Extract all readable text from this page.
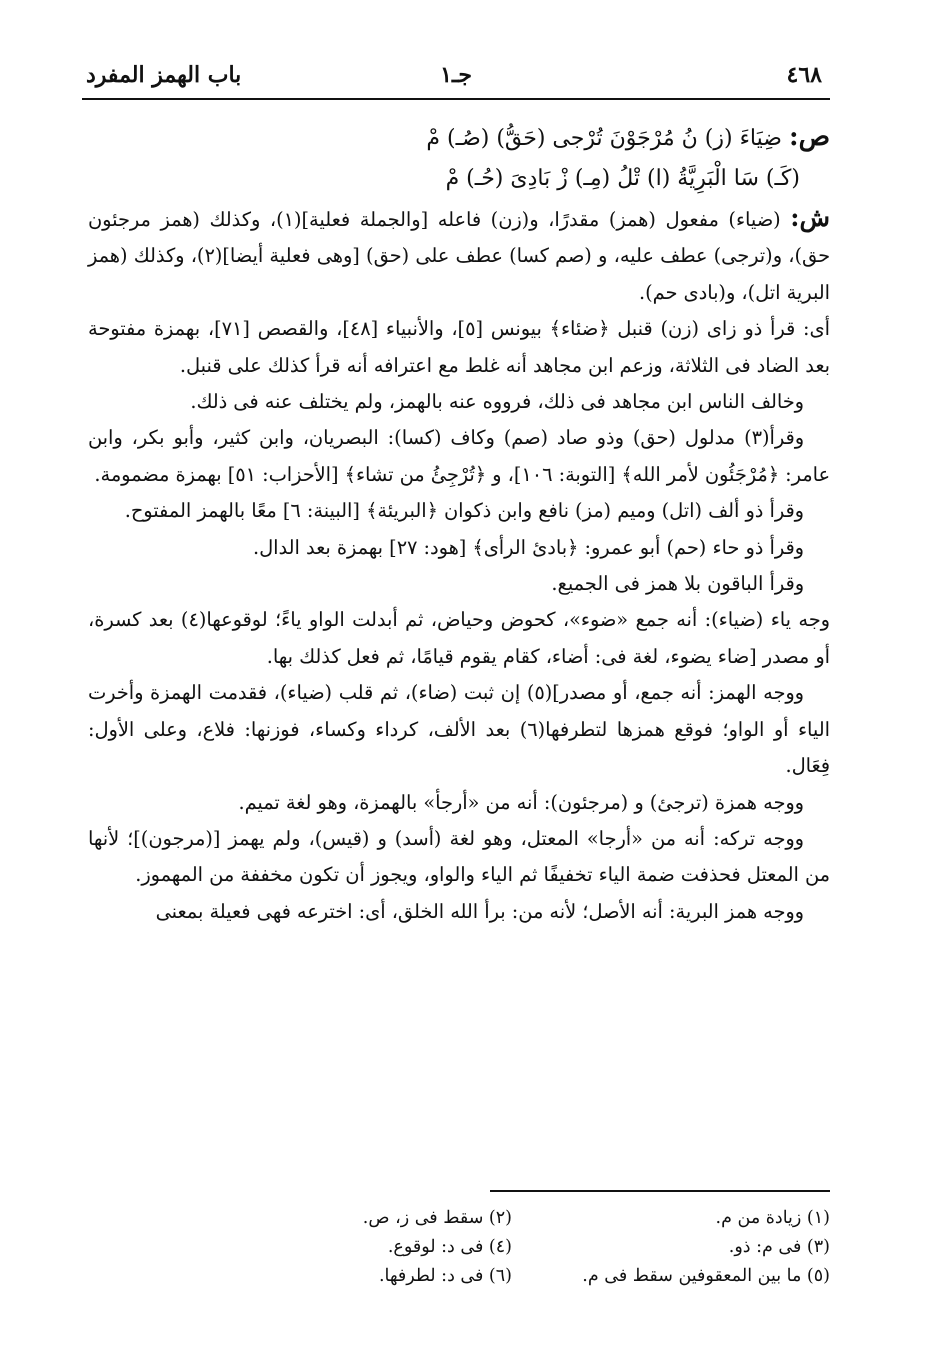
٤٦٨
جـ١
باب الهمز المفرد

ص: ضِيَاءَ (ز) نُ مُرْجَوْنَ تُرْجى (حَقُّ) (صُـ) مْ

(كَـ) سَا الْبَرِيَّةُ (ا) تْلُ (مِـ) زْ بَادِىَ (حُـ) مْ

ش: (ضياء) مفعول (همز) مقدرًا، و(زن) فاعله [والجملة فعلية](١)، وكذلك (همز مرجئون حق)، و(ترجى) عطف عليه، و (صم كسا) عطف على (حق) [وهى فعلية أيضا](٢)، وكذلك (همز البرية اتل)، و(بادى حم).

أى: قرأ ذو زاى (زن) قنبل ﴿ضئاء﴾ بيونس [٥]، والأنبياء [٤٨]، والقصص [٧١]، بهمزة مفتوحة بعد الضاد فى الثلاثة، وزعم ابن مجاهد أنه غلط مع اعترافه أنه قرأ كذلك على قنبل.

وخالف الناس ابن مجاهد فى ذلك، فرووه عنه بالهمز، ولم يختلف عنه فى ذلك.

وقرأ(٣) مدلول (حق) وذو صاد (صم) وكاف (كسا): البصريان، وابن كثير، وأبو بكر، وابن عامر: ﴿مُرْجَئُون لأمر الله﴾ [التوبة: ١٠٦]، و ﴿تُرْجِئُ من تشاء﴾ [الأحزاب: ٥١] بهمزة مضمومة.

وقرأ ذو ألف (اتل) وميم (مز) نافع وابن ذكوان ﴿البريئة﴾ [البينة: ٦] معًا بالهمز المفتوح.

وقرأ ذو حاء (حم) أبو عمرو: ﴿بادئ الرأى﴾ [هود: ٢٧] بهمزة بعد الدال.

وقرأ الباقون بلا همز فى الجميع.

وجه ياء (ضياء): أنه جمع «ضوء»، كحوض وحياض، ثم أبدلت الواو ياءً؛ لوقوعها(٤) بعد كسرة، أو مصدر [ضاء يضوء، لغة فى: أضاء، كقام يقوم قيامًا، ثم فعل كذلك بها.

ووجه الهمز: أنه جمع، أو مصدر](٥) إن ثبت (ضاء)، ثم قلب (ضياء)، فقدمت الهمزة وأخرت الياء أو الواو؛ فوقع همزها لتطرفها(٦) بعد الألف، كرداء وكساء، فوزنها: فلاع، وعلى الأول: فِعَال.

ووجه همزة (ترجئ) و (مرجئون): أنه من «أرجأ» بالهمزة، وهو لغة تميم.

ووجه تركه: أنه من «أرجا» المعتل، وهو لغة (أسد) و (قيس)، ولم يهمز [(مرجون)]؛ لأنها من المعتل فحذفت ضمة الياء تخفيفًا ثم الياء والواو، ويجوز أن تكون مخففة من المهموز.

ووجه همز البرية: أنه الأصل؛ لأنه من: برأ الله الخلق، أى: اخترعه فهى فعيلة بمعنى

(١) زيادة من م.
(٢) سقط فى ز، ص.
(٣) فى م: ذو.
(٤) فى د: لوقوع.
(٥) ما بين المعقوفين سقط فى م.
(٦) فى د: لطرفها.
